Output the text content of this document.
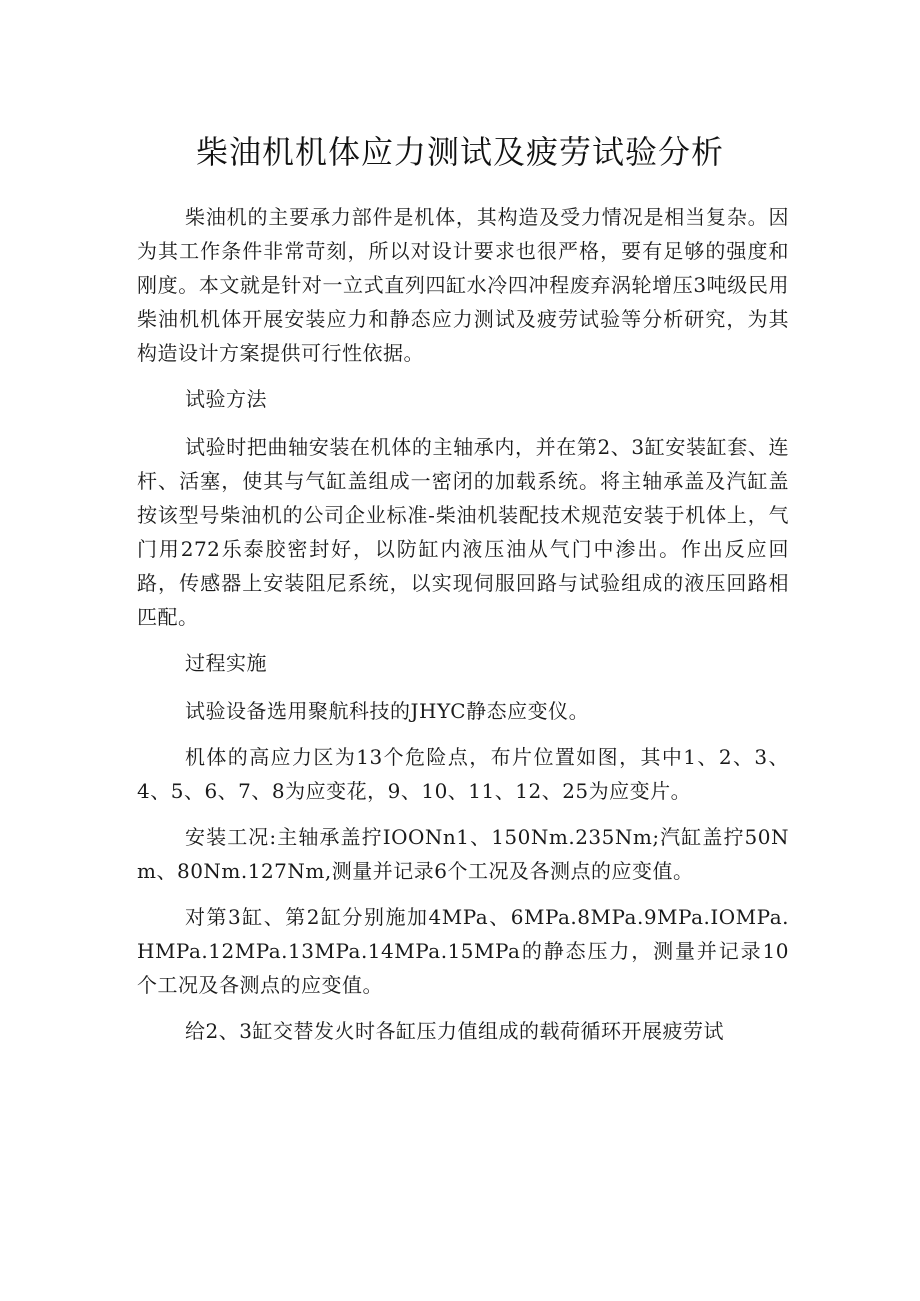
柴油机机体应力测试及疲劳试验分析

柴油机的主要承力部件是机体，其构造及受力情况是相当复杂。因为其工作条件非常苛刻，所以对设计要求也很严格，要有足够的强度和刚度。本文就是针对一立式直列四缸水冷四冲程废弃涡轮增压3吨级民用柴油机机体开展安装应力和静态应力测试及疲劳试验等分析研究，为其构造设计方案提供可行性依据。

试验方法

试验时把曲轴安装在机体的主轴承内，并在第2、3缸安装缸套、连杆、活塞，使其与气缸盖组成一密闭的加载系统。将主轴承盖及汽缸盖按该型号柴油机的公司企业标准-柴油机装配技术规范安装于机体上，气门用272乐泰胶密封好，以防缸内液压油从气门中渗出。作出反应回路，传感器上安装阻尼系统，以实现伺服回路与试验组成的液压回路相匹配。

过程实施

试验设备选用聚航科技的JHYC静态应变仪。

机体的高应力区为13个危险点，布片位置如图，其中1、2、3、4、5、6、7、8为应变花，9、10、11、12、25为应变片。

安装工况:主轴承盖拧IOONn1、150Nm.235Nm;汽缸盖拧50Nm、80Nm.127Nm,测量并记录6个工况及各测点的应变值。

对第3缸、第2缸分别施加4MPa、6MPa.8MPa.9MPa.IOMPa.HMPa.12MPa.13MPa.14MPa.15MPa的静态压力，测量并记录10个工况及各测点的应变值。

给2、3缸交替发火时各缸压力值组成的载荷循环开展疲劳试
